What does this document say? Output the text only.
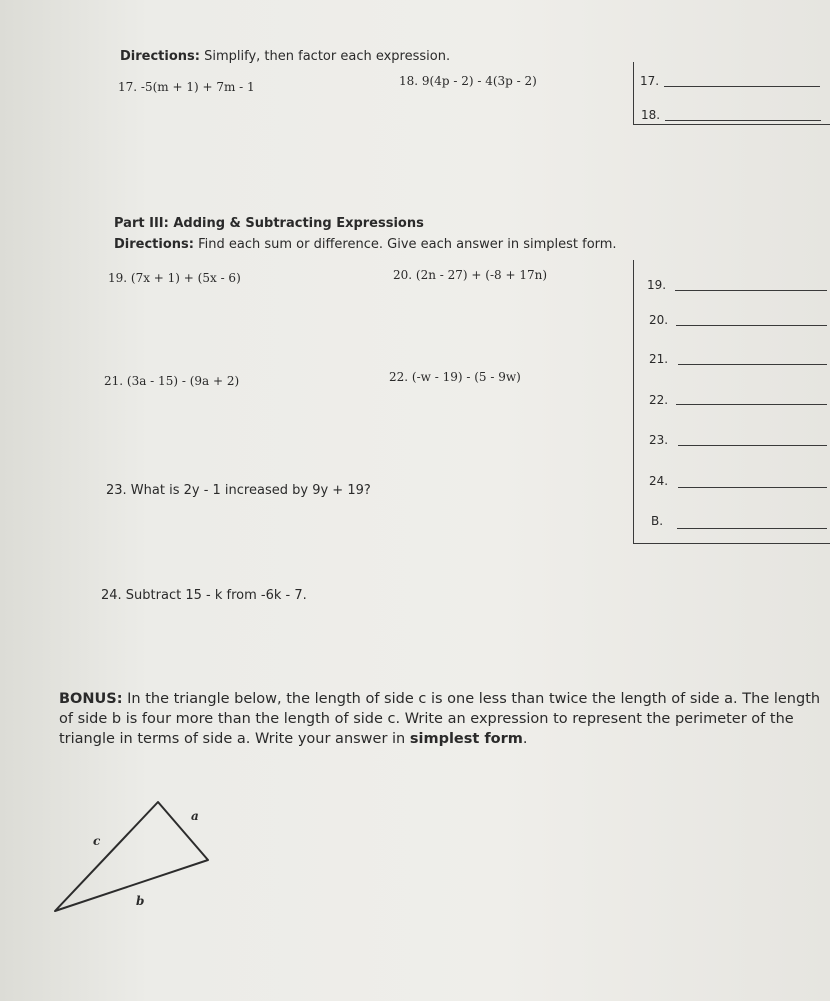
Directions: Simplify, then factor each expression.
17. -5(m + 1) + 7m - 1	18. 9(4p - 2) - 4(3p - 2)	17.
18.
Part III: Adding & Subtracting Expressions
Directions: Find each sum or difference. Give each answer in simplest form.
19. (7x + 1) + (5x - 6)	20. (2n - 27) + (-8 + 17n)
21. (3a - 15) - (9a + 2)	22. (-w - 19) - (5 - 9w)
23. What is 2y - 1 increased by 9y + 19?
24. Subtract 15 - k from -6k - 7.
19.
20.
21.
22.
23.
24.
B.
BONUS: In the triangle below, the length of side c is one less than twice the length of side a. The length of side b is four more than the length of side c. Write an expression to represent the perimeter of the triangle in terms of side a. Write your answer in simplest form.
a
c
b
